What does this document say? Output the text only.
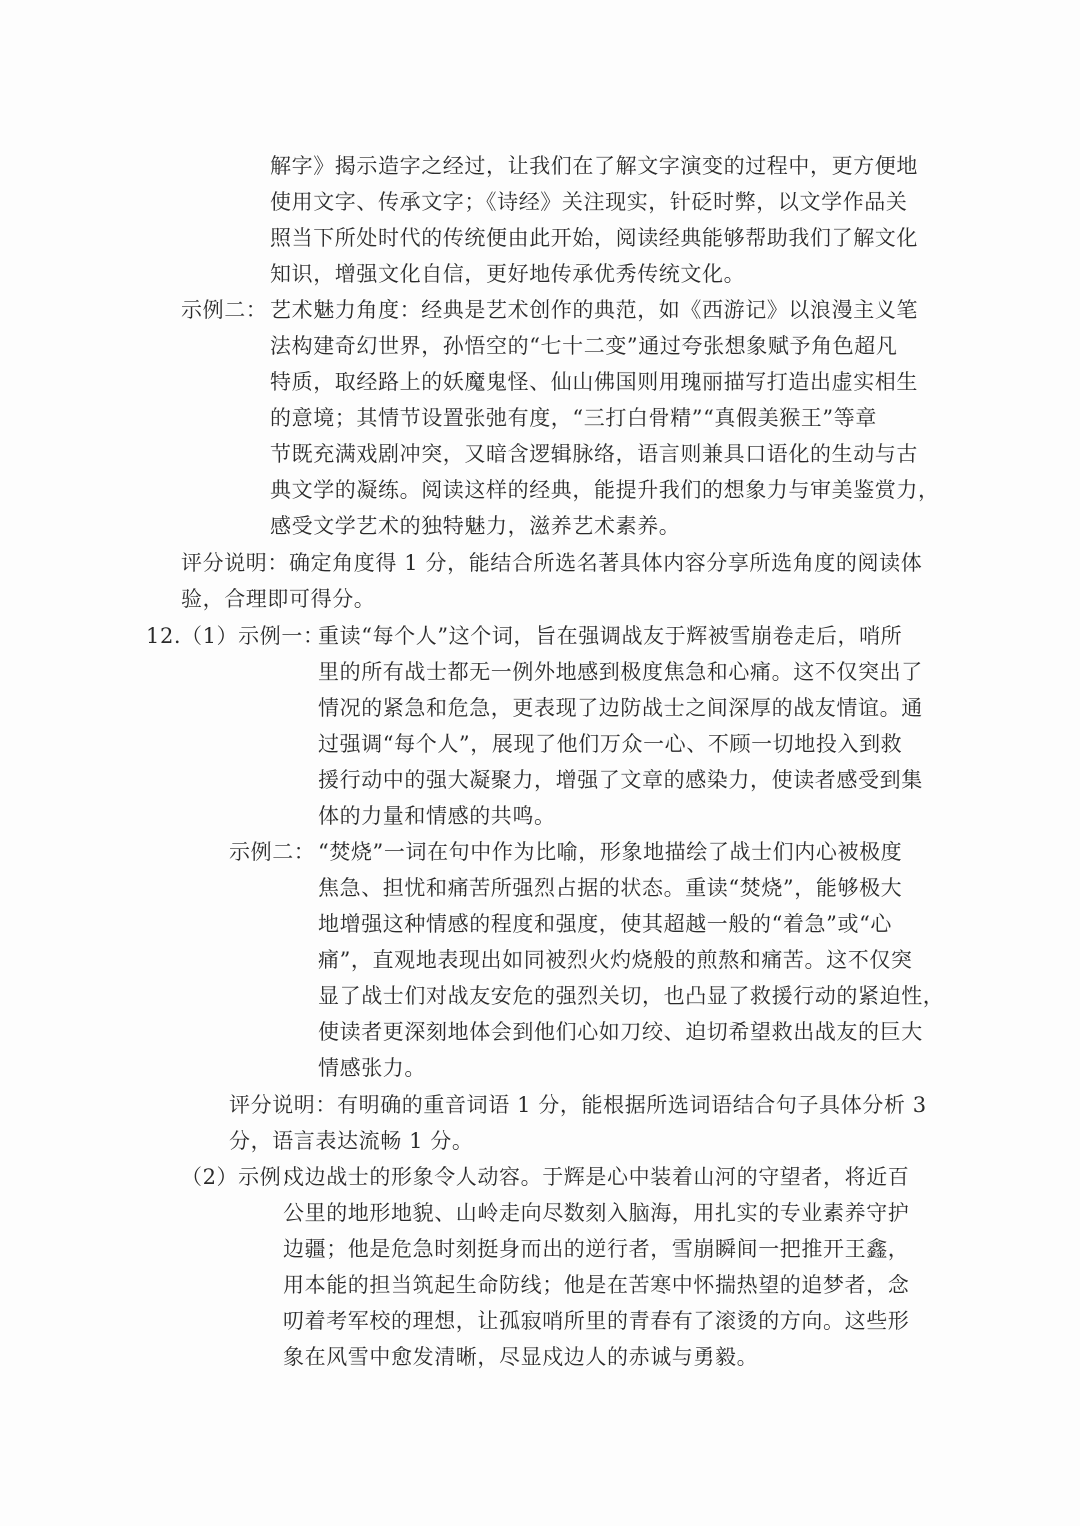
解字》揭示造字之经过，让我们在了解文字演变的过程中，更方便地
使用文字、传承文字；《诗经》关注现实，针砭时弊，以文学作品关
照当下所处时代的传统便由此开始，阅读经典能够帮助我们了解文化
知识，增强文化自信，更好地传承优秀传统文化。
示例二： 艺术魅力角度：经典是艺术创作的典范，如《西游记》以浪漫主义笔
法构建奇幻世界，孙悟空的“七十二变”通过夸张想象赋予角色超凡
特质，取经路上的妖魔鬼怪、仙山佛国则用瑰丽描写打造出虚实相生
的意境；其情节设置张弛有度，“三打白骨精”“真假美猴王”等章
节既充满戏剧冲突，又暗含逻辑脉络，语言则兼具口语化的生动与古
典文学的凝练。阅读这样的经典，能提升我们的想象力与审美鉴赏力，
感受文学艺术的独特魅力，滋养艺术素养。
评分说明：确定角度得 1 分，能结合所选名著具体内容分享所选角度的阅读体
验，合理即可得分。
12. （1）示例一：
重读“每个人”这个词，旨在强调战友于辉被雪崩卷走后，哨所
里的所有战士都无一例外地感到极度焦急和心痛。这不仅突出了
情况的紧急和危急，更表现了边防战士之间深厚的战友情谊。通
过强调“每个人”，展现了他们万众一心、不顾一切地投入到救
援行动中的强大凝聚力，增强了文章的感染力，使读者感受到集
体的力量和情感的共鸣。
示例二： “焚烧”一词在句中作为比喻，形象地描绘了战士们内心被极度
焦急、担忧和痛苦所强烈占据的状态。重读“焚烧”，能够极大
地增强这种情感的程度和强度，使其超越一般的“着急”或“心
痛”，直观地表现出如同被烈火灼烧般的煎熬和痛苦。这不仅突
显了战士们对战友安危的强烈关切，也凸显了救援行动的紧迫性，
使读者更深刻地体会到他们心如刀绞、迫切希望救出战友的巨大
情感张力。
评分说明：有明确的重音词语 1 分，能根据所选词语结合句子具体分析 3
分，语言表达流畅 1 分。
（2）示例：
戍边战士的形象令人动容。于辉是心中装着山河的守望者，将近百
公里的地形地貌、山岭走向尽数刻入脑海，用扎实的专业素养守护
边疆；他是危急时刻挺身而出的逆行者，雪崩瞬间一把推开王鑫，
用本能的担当筑起生命防线；他是在苦寒中怀揣热望的追梦者，念
叨着考军校的理想，让孤寂哨所里的青春有了滚烫的方向。这些形
象在风雪中愈发清晰，尽显戍边人的赤诚与勇毅。
